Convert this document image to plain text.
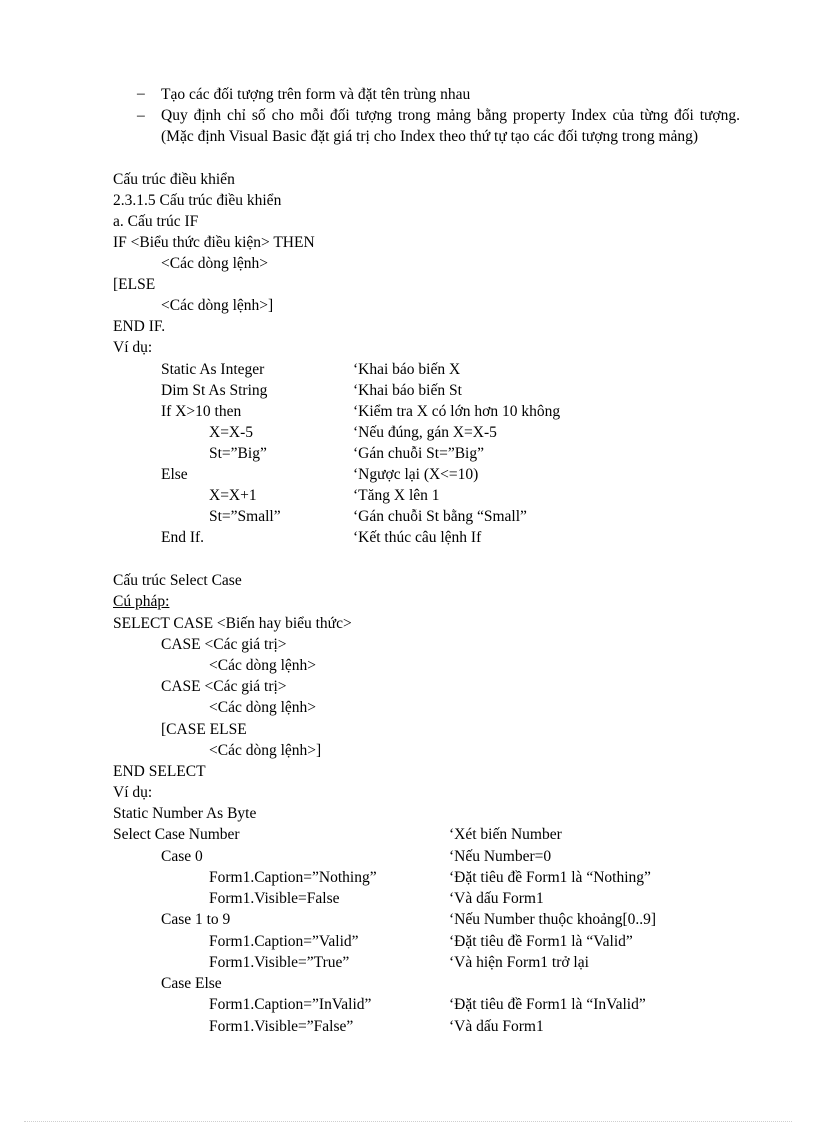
– Tạo các đối tượng trên form và đặt tên trùng nhau
– Quy định chỉ số cho mỗi đối tượng trong mảng bằng property Index của từng đối tượng.(Mặc định Visual Basic đặt giá trị cho Index theo thứ tự tạo các đối tượng trong mảng)
Cấu trúc điều khiển
2.3.1.5 Cấu trúc điều khiển
a. Cấu trúc IF
IF <Biểu thức điều kiện> THEN
<Các dòng lệnh>
[ELSE
<Các dòng lệnh>]
END IF.
Ví dụ:
Static As Integer	‘Khai báo biến X
Dim St As String	‘Khai báo biến St
If X>10 then	‘Kiểm tra X có lớn hơn 10 không
X=X-5	‘Nếu đúng, gán X=X-5
St=”Big”	‘Gán chuỗi St=”Big”
Else	‘Ngược lại (X<=10)
X=X+1	‘Tăng X lên 1
St=”Small”	‘Gán chuỗi St bằng “Small”
End If.	‘Kết thúc câu lệnh If
Cấu trúc Select Case
Cú pháp:
SELECT CASE <Biến hay biểu thức>
CASE <Các giá trị>
<Các dòng lệnh>
CASE <Các giá trị>
<Các dòng lệnh>
[CASE ELSE
<Các dòng lệnh>]
END SELECT
Ví dụ:
Static Number As Byte
Select Case Number	‘Xét biến Number
Case 0	‘Nếu Number=0
Form1.Caption=”Nothing”	‘Đặt tiêu đề Form1 là “Nothing”
Form1.Visible=False	‘Và dấu Form1
Case 1 to 9	‘Nếu Number thuộc khoảng[0..9]
Form1.Caption=”Valid”	‘Đặt tiêu đề Form1 là “Valid”
Form1.Visible=”True”	‘Và hiện Form1 trở lại
Case Else
Form1.Caption=”InValid”	‘Đặt tiêu đề Form1 là “InValid”
Form1.Visible=”False”	‘Và dấu Form1
